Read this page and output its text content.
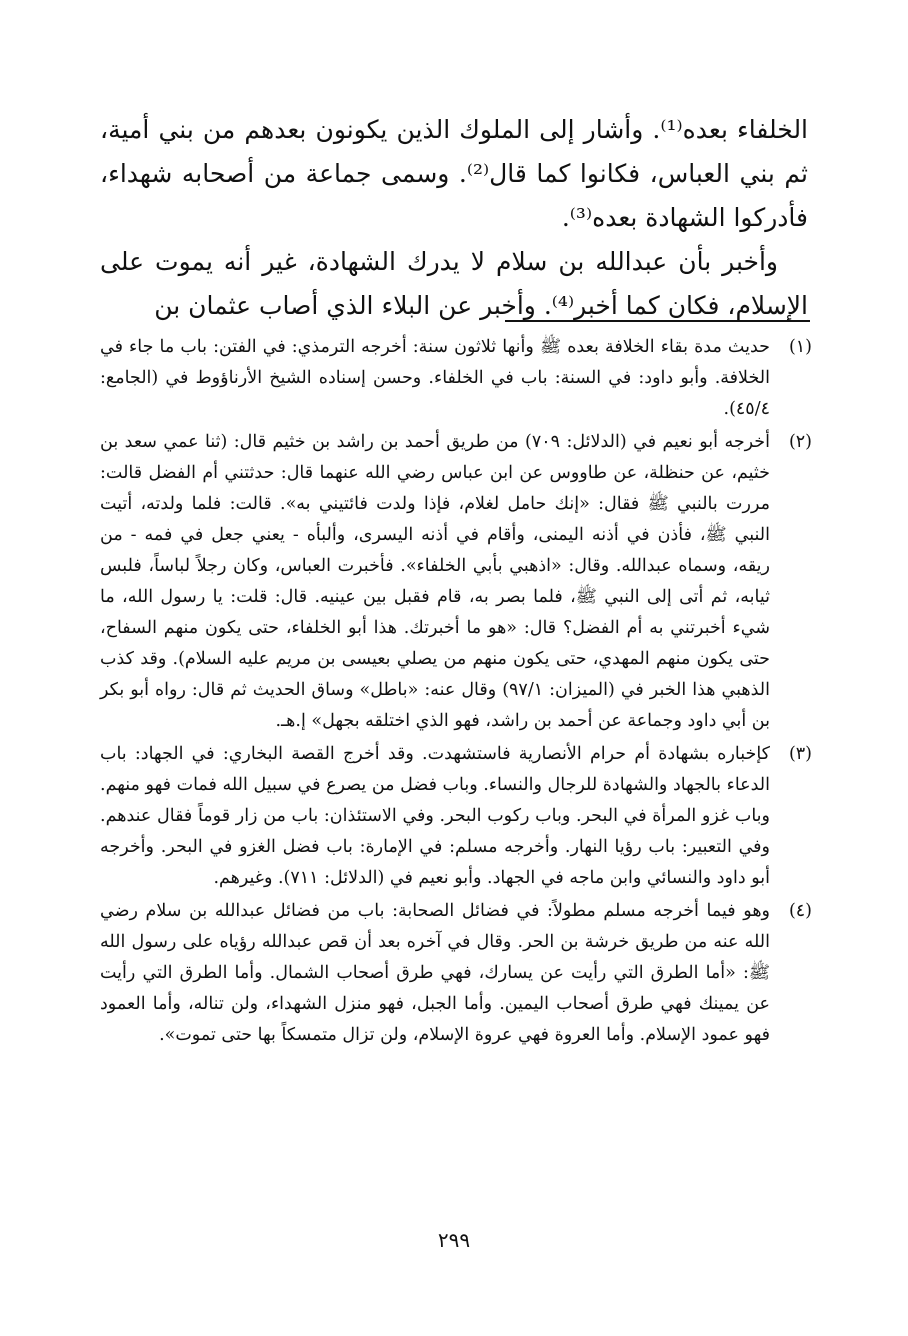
الخلفاء بعده⁽¹⁾. وأشار إلى الملوك الذين يكونون بعدهم من بني أمية، ثم بني العباس، فكانوا كما قال⁽²⁾. وسمى جماعة من أصحابه شهداء، فأدركوا الشهادة بعده⁽³⁾.

وأخبر بأن عبدالله بن سلام لا يدرك الشهادة، غير أنه يموت على الإسلام، فكان كما أخبر⁽⁴⁾. وأخبر عن البلاء الذي أصاب عثمان بن

(١)
حديث مدة بقاء الخلافة بعده ﷺ وأنها ثلاثون سنة: أخرجه الترمذي: في الفتن: باب ما جاء في الخلافة. وأبو داود: في السنة: باب في الخلفاء. وحسن إسناده الشيخ الأرناؤوط في (الجامع: ٤٥/٤).
(٢)
أخرجه أبو نعيم في (الدلائل: ٧٠٩) من طريق أحمد بن راشد بن خثيم قال: (ثنا عمي سعد بن خثيم، عن حنظلة، عن طاووس عن ابن عباس رضي الله عنهما قال: حدثتني أم الفضل قالت: مررت بالنبي ﷺ فقال: «إنك حامل لغلام، فإذا ولدت فائتيني به». قالت: فلما ولدته، أتيت النبي ﷺ، فأذن في أذنه اليمنى، وأقام في أذنه اليسرى، وألبأه - يعني جعل في فمه - من ريقه، وسماه عبدالله. وقال: «اذهبي بأبي الخلفاء». فأخبرت العباس، وكان رجلاً لباساً، فلبس ثيابه، ثم أتى إلى النبي ﷺ، فلما بصر به، قام فقبل بين عينيه. قال: قلت: يا رسول الله، ما شيء أخبرتني به أم الفضل؟ قال: «هو ما أخبرتك. هذا أبو الخلفاء، حتى يكون منهم السفاح، حتى يكون منهم المهدي، حتى يكون منهم من يصلي بعيسى بن مريم عليه السلام). وقد كذب الذهبي هذا الخبر في (الميزان: ٩٧/١) وقال عنه: «باطل» وساق الحديث ثم قال: رواه أبو بكر بن أبي داود وجماعة عن أحمد بن راشد، فهو الذي اختلقه بجهل» إ.هـ.
(٣)
كإخباره بشهادة أم حرام الأنصارية فاستشهدت. وقد أخرج القصة البخاري: في الجهاد: باب الدعاء بالجهاد والشهادة للرجال والنساء. وباب فضل من يصرع في سبيل الله فمات فهو منهم. وباب غزو المرأة في البحر. وباب ركوب البحر. وفي الاستئذان: باب من زار قوماً فقال عندهم. وفي التعبير: باب رؤيا النهار. وأخرجه مسلم: في الإمارة: باب فضل الغزو في البحر. وأخرجه أبو داود والنسائي وابن ماجه في الجهاد. وأبو نعيم في (الدلائل: ٧١١). وغيرهم.
(٤)
وهو فيما أخرجه مسلم مطولاً: في فضائل الصحابة: باب من فضائل عبدالله بن سلام رضي الله عنه من طريق خرشة بن الحر. وقال في آخره بعد أن قص عبدالله رؤياه على رسول الله ﷺ: «أما الطرق التي رأيت عن يسارك، فهي طرق أصحاب الشمال. وأما الطرق التي رأيت عن يمينك فهي طرق أصحاب اليمين. وأما الجبل، فهو منزل الشهداء، ولن تناله، وأما العمود فهو عمود الإسلام. وأما العروة فهي عروة الإسلام، ولن تزال متمسكاً بها حتى تموت».
٢٩٩
